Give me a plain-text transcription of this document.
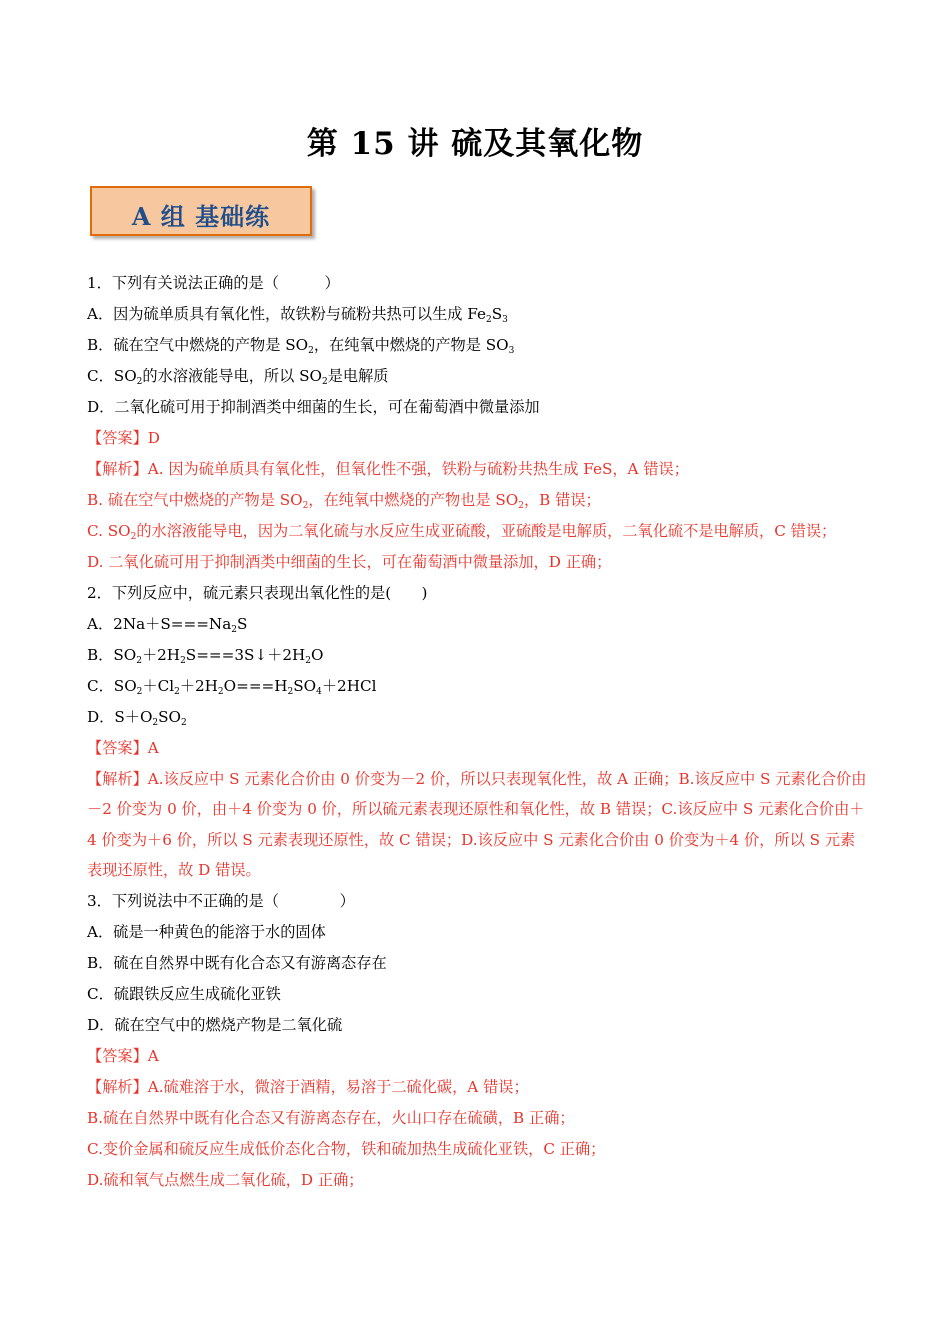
第 15 讲 硫及其氧化物
A 组 基础练
1．下列有关说法正确的是（　　　）
A．因为硫单质具有氧化性，故铁粉与硫粉共热可以生成 $Fe_2S_3$
B．硫在空气中燃烧的产物是 $SO_2$，在纯氧中燃烧的产物是 $SO_3$
C．$SO_2$的水溶液能导电，所以 $SO_2$是电解质
D．二氧化硫可用于抑制酒类中细菌的生长，可在葡萄酒中微量添加
【答案】D
【解析】A. 因为硫单质具有氧化性，但氧化性不强，铁粉与硫粉共热生成 FeS，A 错误；
B. 硫在空气中燃烧的产物是 $SO_2$，在纯氧中燃烧的产物也是 $SO_2$，B 错误；
C. $SO_2$的水溶液能导电，因为二氧化硫与水反应生成亚硫酸，亚硫酸是电解质，二氧化硫不是电解质，C 错误；
D. 二氧化硫可用于抑制酒类中细菌的生长，可在葡萄酒中微量添加，D 正确；
2．下列反应中，硫元素只表现出氧化性的是(　　)
A．$2Na+S===Na_2S$
B．$SO_2+2H_2S===3S↓+2H_2O$
C．$SO_2+Cl_2+2H_2O===H_2SO_4+2HCl$
D．$S+O_2SO_2$
【答案】A
【解析】A.该反应中 S 元素化合价由 0 价变为－2 价，所以只表现氧化性，故 A 正确；B.该反应中 S 元素化合价由－2 价变为 0 价，由＋4 价变为 0 价，所以硫元素表现还原性和氧化性，故 B 错误；C.该反应中 S 元素化合价由＋4 价变为＋6 价，所以 S 元素表现还原性，故 C 错误；D.该反应中 S 元素化合价由 0 价变为＋4 价，所以 S 元素表现还原性，故 D 错误。
3．下列说法中不正确的是（　　　　）
A．硫是一种黄色的能溶于水的固体
B．硫在自然界中既有化合态又有游离态存在
C．硫跟铁反应生成硫化亚铁
D．硫在空气中的燃烧产物是二氧化硫
【答案】A
【解析】A.硫难溶于水，微溶于酒精，易溶于二硫化碳，A 错误；
B.硫在自然界中既有化合态又有游离态存在，火山口存在硫磺，B 正确；
C.变价金属和硫反应生成低价态化合物，铁和硫加热生成硫化亚铁，C 正确；
D.硫和氧气点燃生成二氧化硫，D 正确；
